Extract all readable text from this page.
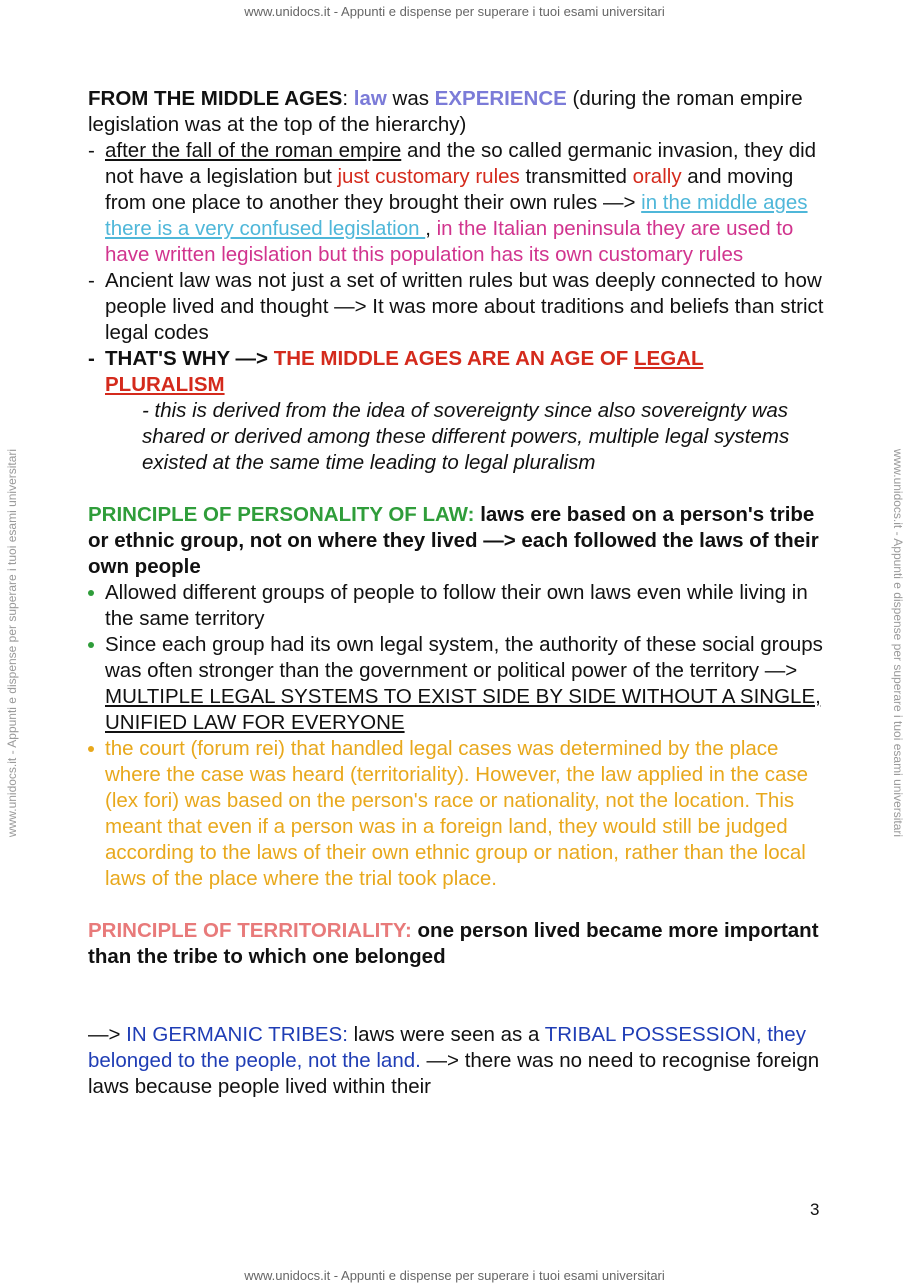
www.unidocs.it - Appunti e dispense per superare i tuoi esami universitari
www.unidocs.it - Appunti e dispense per superare i tuoi esami universitari
www.unidocs.it - Appunti e dispense per superare i tuoi esami universitari	www.unidocs.it - Appunti e dispense per superare i tuoi esami universitari

FROM THE MIDDLE AGES: law was EXPERIENCE (during the roman empire legislation was at the top of the hierarchy)

- after the fall of the roman empire and the so called germanic invasion, they did not have a legislation but just customary rules transmitted orally and moving from one place to another they brought their own rules —> in the middle ages there is a very confused legislation , in the Italian peninsula they are used to have written legislation but this population has its own customary rules
- Ancient law was not just a set of written rules but was deeply connected to how people lived and thought —> It was more about traditions and beliefs than strict legal codes
- THAT'S WHY —> THE MIDDLE AGES ARE AN AGE OF LEGAL
PLURALISM

- this is derived from the idea of sovereignty since also sovereignty was shared or derived among these different powers, multiple legal systems existed at the same time leading to legal pluralism

PRINCIPLE OF PERSONALITY OF LAW: laws ere based on a person's tribe or ethnic group, not on where they lived —> each followed the laws of their own people

Allowed different groups of people to follow their own laws even while living in the same territory
Since each group had its own legal system, the authority of these social groups was often stronger than the government or political power of the territory —> MULTIPLE LEGAL SYSTEMS TO EXIST SIDE BY SIDE WITHOUT A SINGLE, UNIFIED LAW FOR EVERYONE
the court (forum rei) that handled legal cases was determined by the place where the case was heard (territoriality). However, the law applied in the case (lex fori) was based on the person's race or nationality, not the location. This meant that even if a person was in a foreign land, they would still be judged according to the laws of their own ethnic group or nation, rather than the local laws of the place where the trial took place.

PRINCIPLE OF TERRITORIALITY: one person lived became more important than the tribe to which one belonged

—> IN GERMANIC TRIBES: laws were seen as a TRIBAL POSSESSION, they belonged to the people, not the land. —> there was no need to recognise foreign laws because people lived within their

3
